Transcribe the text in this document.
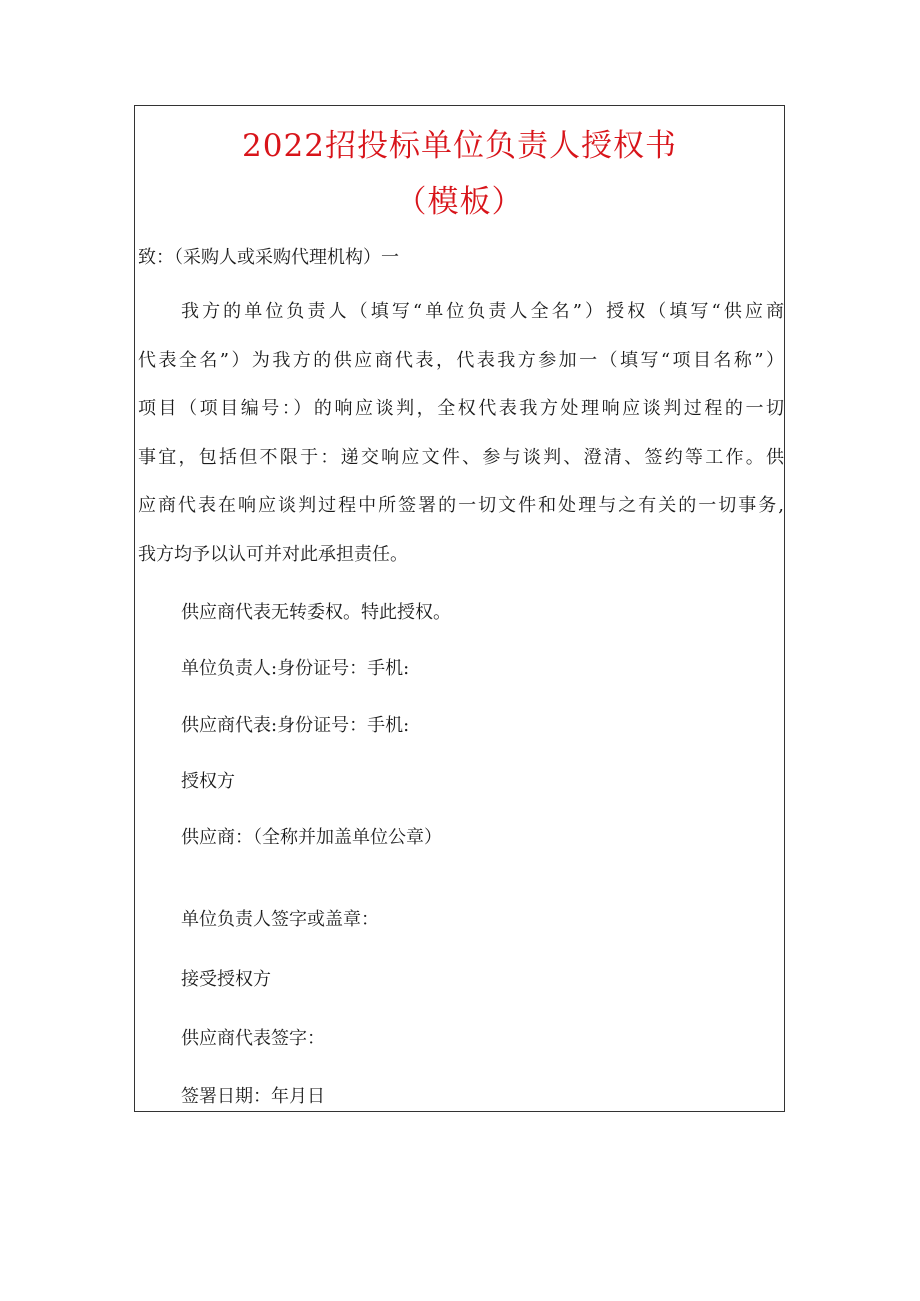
2022招投标单位负责人授权书
（模板）

致：（采购人或采购代理机构）一

我方的单位负责人（填写“单位负责人全名”）授权（填写“供应商
代表全名”）为我方的供应商代表，代表我方参加一（填写“项目名称”）
项目（项目编号：）的响应谈判，全权代表我方处理响应谈判过程的一切
事宜，包括但不限于：递交响应文件、参与谈判、澄清、签约等工作。供
应商代表在响应谈判过程中所签署的一切文件和处理与之有关的一切事务,
我方均予以认可并对此承担责任。

供应商代表无转委权。特此授权。

单位负责人:身份证号：手机:

供应商代表:身份证号：手机:

授权方

供应商：（全称并加盖单位公章）

单位负责人签字或盖章：

接受授权方

供应商代表签字：

签署日期：年月日
